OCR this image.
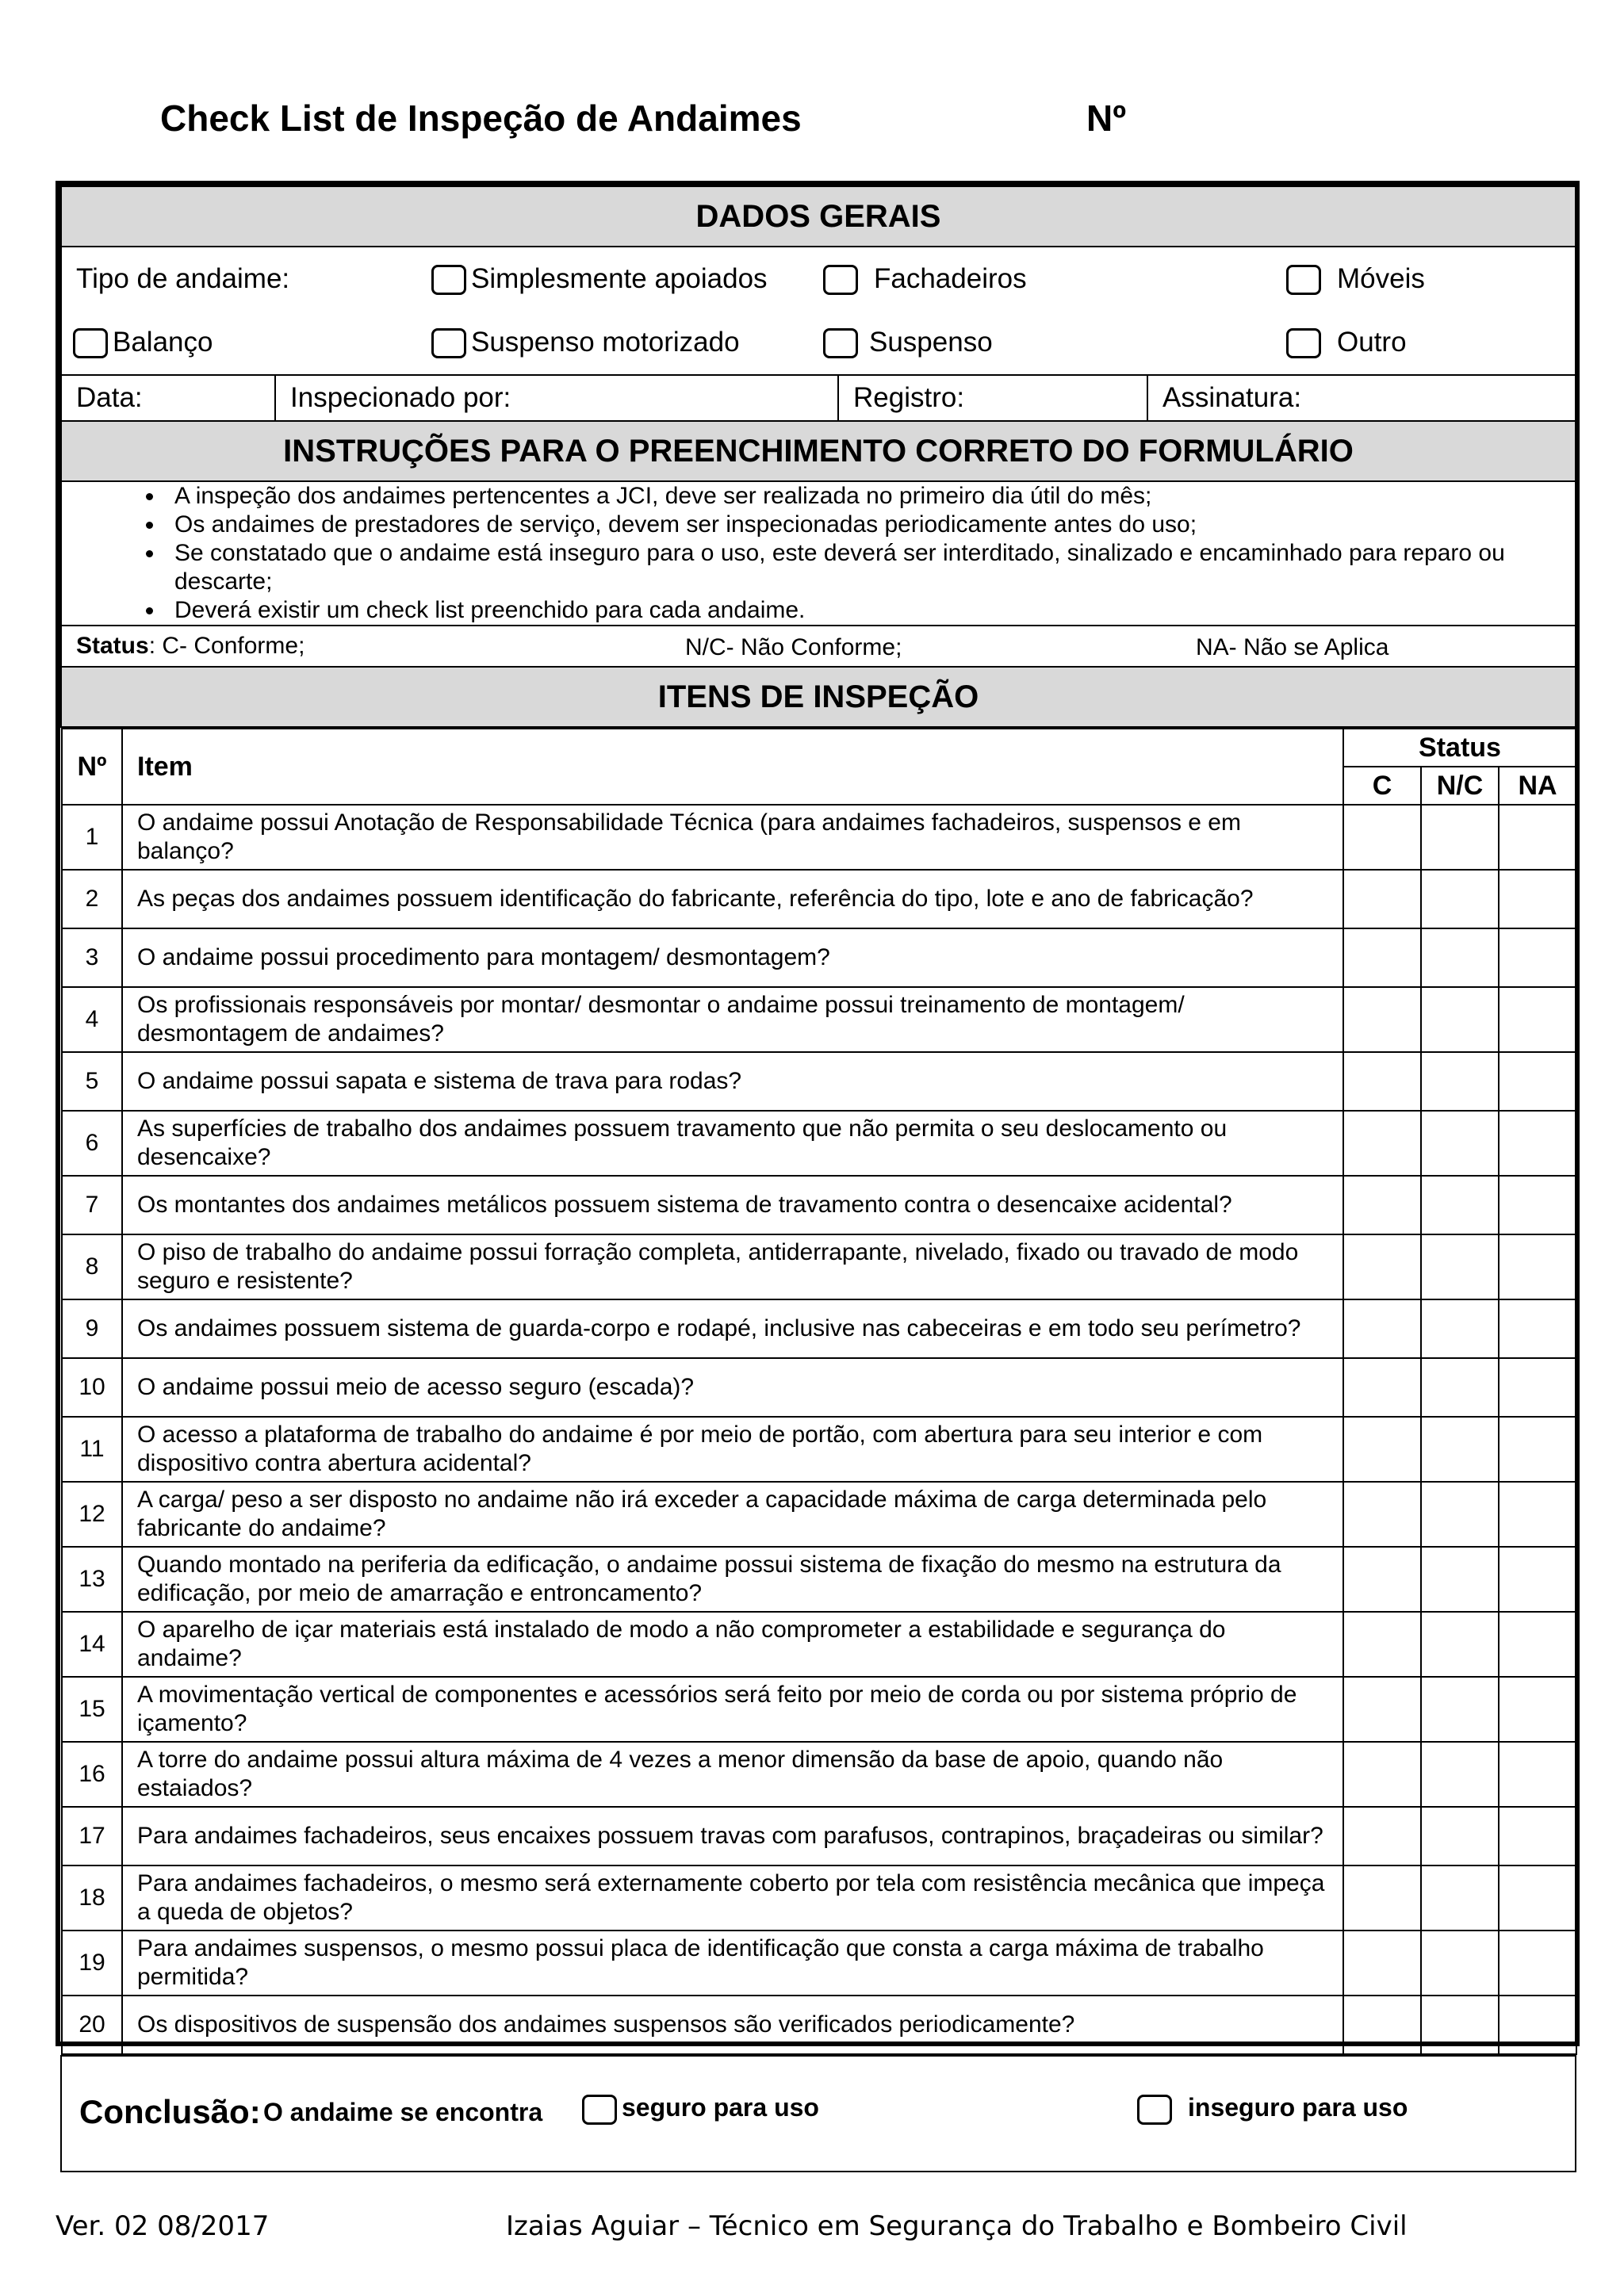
Check List de Inspeção de Andaimes	Nº
DADOS GERAIS

Tipo de andaime:	Simplesmente apoiados	Fachadeiros	Móveis
Balanço	Suspenso motorizado	Suspenso	Outro

Data:	Inspecionado por:	Registro:	Assinatura:
INSTRUÇÕES PARA O PREENCHIMENTO CORRETO DO FORMULÁRIO

• A inspeção dos andaimes pertencentes a JCI, deve ser realizada no primeiro dia útil do mês;
• Os andaimes de prestadores de serviço, devem ser inspecionadas periodicamente antes do uso;
• Se constatado que o andaime está inseguro para o uso, este deverá ser interditado, sinalizado e encaminhado para reparo ou descarte;
• Deverá existir um check list preenchido para cada andaime.

Status: C- Conforme;	N/C- Não Conforme;	NA- Não se Aplica

ITENS DE INSPEÇÃO

Nº	Item	Status
C	N/C	NA
1	O andaime possui Anotação de Responsabilidade Técnica (para andaimes fachadeiros, suspensos e em balanço?			
2	As peças dos andaimes possuem identificação do fabricante, referência do tipo, lote e ano de fabricação?			
3	O andaime possui procedimento para montagem/ desmontagem?			
4	Os profissionais responsáveis por montar/ desmontar o andaime possui treinamento de montagem/ desmontagem de andaimes?			
5	O andaime possui sapata e sistema de trava para rodas?			
6	As superfícies de trabalho dos andaimes possuem travamento que não permita o seu deslocamento ou desencaixe?			
7	Os montantes dos andaimes metálicos possuem sistema de travamento contra o desencaixe acidental?			
8	O piso de trabalho do andaime possui forração completa, antiderrapante, nivelado, fixado ou travado de modo seguro e resistente?			
9	Os andaimes possuem sistema de guarda-corpo e rodapé, inclusive nas cabeceiras e em todo seu perímetro?			
10	O andaime possui meio de acesso seguro (escada)?			
11	O acesso a plataforma de trabalho do andaime é por meio de portão, com abertura para seu interior e com dispositivo contra abertura acidental?			
12	A carga/ peso a ser disposto no andaime não irá exceder a capacidade máxima de carga determinada pelo fabricante do andaime?			
13	Quando montado na periferia da edificação, o andaime possui sistema de fixação do mesmo na estrutura da edificação, por meio de amarração e entroncamento?			
14	O aparelho de içar materiais está instalado de modo a não comprometer a estabilidade e segurança do andaime?			
15	A movimentação vertical de componentes e acessórios será feito por meio de corda ou por sistema próprio de içamento?			
16	A torre do andaime possui altura máxima de 4 vezes a menor dimensão da base de apoio, quando não estaiados?			
17	Para andaimes fachadeiros, seus encaixes possuem travas com parafusos, contrapinos, braçadeiras ou similar?			
18	Para andaimes fachadeiros, o mesmo será externamente coberto por tela com resistência mecânica que impeça a queda de objetos?			
19	Para andaimes suspensos, o mesmo possui placa de identificação que consta a carga máxima de trabalho permitida?			
20	Os dispositivos de suspensão dos andaimes suspensos são verificados periodicamente?			

Conclusão: O andaime se encontra	seguro para uso	inseguro para uso
Ver. 02 08/2017	Izaias Aguiar – Técnico em Segurança do Trabalho e Bombeiro Civil
